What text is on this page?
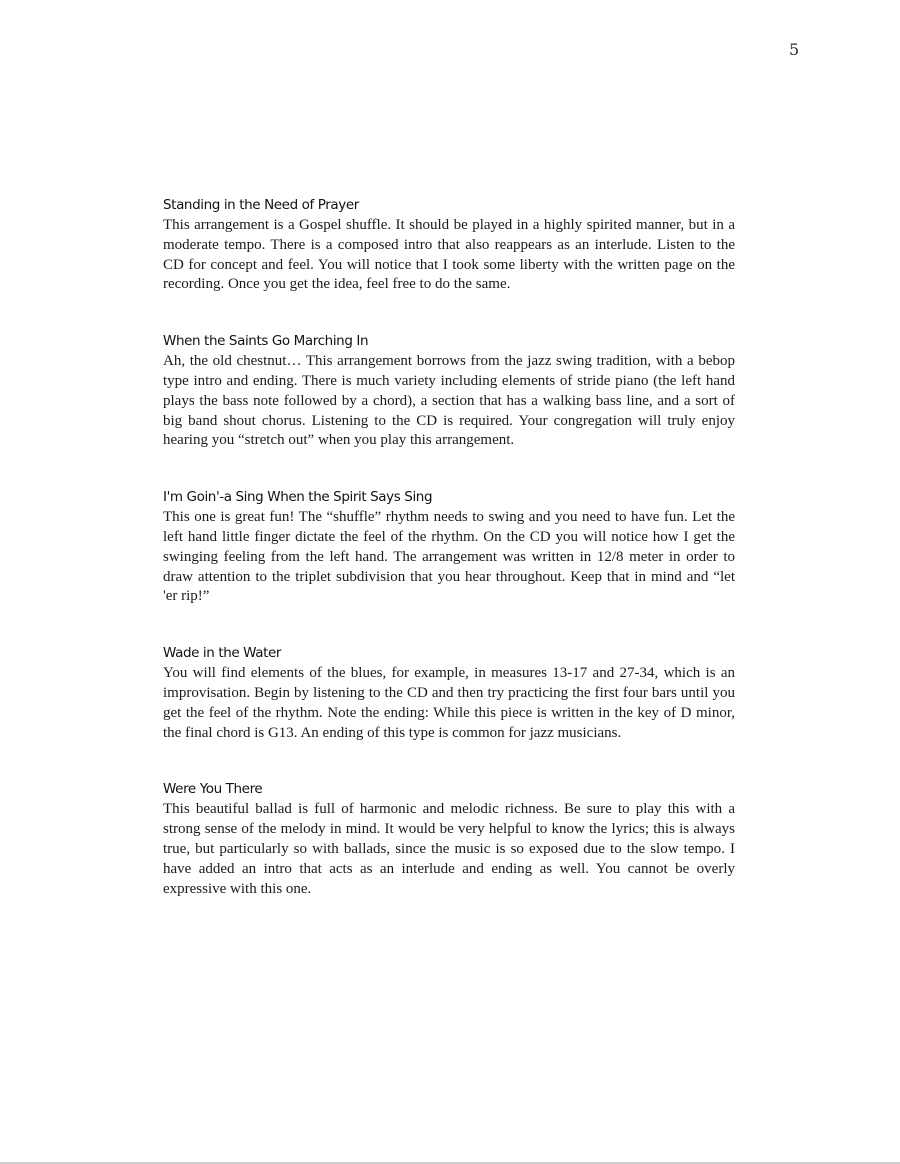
5
Standing in the Need of Prayer

This arrangement is a Gospel shuffle. It should be played in a highly spirited manner, but in a moderate tempo. There is a composed intro that also reappears as an interlude. Listen to the CD for concept and feel. You will notice that I took some liberty with the written page on the recording. Once you get the idea, feel free to do the same.

When the Saints Go Marching In

Ah, the old chestnut… This arrangement borrows from the jazz swing tradition, with a bebop type intro and ending. There is much variety including elements of stride piano (the left hand plays the bass note followed by a chord), a section that has a walking bass line, and a sort of big band shout chorus. Listening to the CD is required. Your congregation will truly enjoy hearing you “stretch out” when you play this arrangement.

I'm Goin'-a Sing When the Spirit Says Sing

This one is great fun! The “shuffle” rhythm needs to swing and you need to have fun. Let the left hand little finger dictate the feel of the rhythm. On the CD you will notice how I get the swinging feeling from the left hand. The arrangement was written in 12/8 meter in order to draw attention to the triplet subdivision that you hear throughout. Keep that in mind and “let 'er rip!”

Wade in the Water

You will find elements of the blues, for example, in measures 13-17 and 27-34, which is an improvisation. Begin by listening to the CD and then try practicing the first four bars until you get the feel of the rhythm. Note the ending: While this piece is written in the key of D minor, the final chord is G13. An ending of this type is common for jazz musicians.

Were You There

This beautiful ballad is full of harmonic and melodic richness. Be sure to play this with a strong sense of the melody in mind. It would be very helpful to know the lyrics; this is always true, but particularly so with ballads, since the music is so exposed due to the slow tempo. I have added an intro that acts as an interlude and ending as well. You cannot be overly expressive with this one.
